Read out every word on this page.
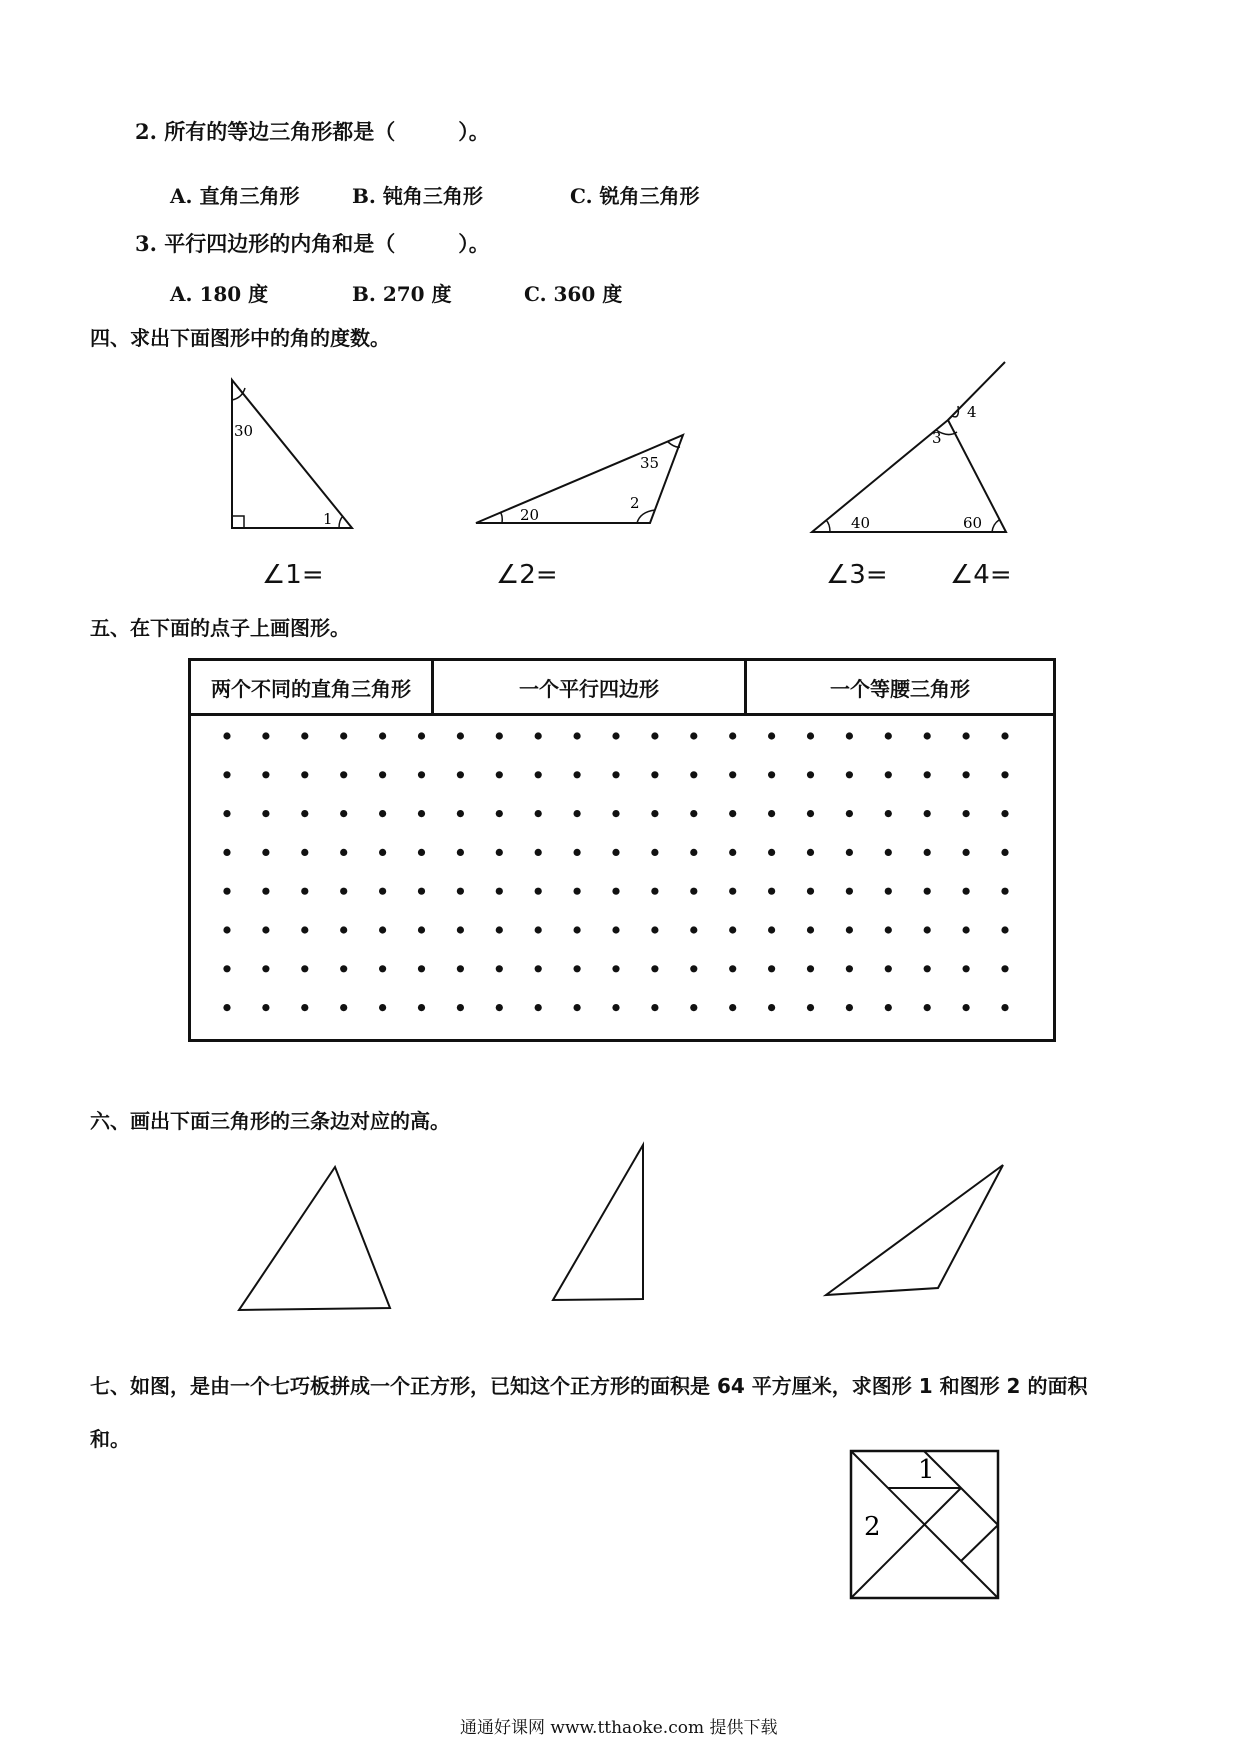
2. 所有的等边三角形都是（　　　）。
A. 直角三角形	B. 钝角三角形	C. 锐角三角形
3. 平行四边形的内角和是（　　　）。
A. 180 度	B. 270 度	C. 360 度
四、求出下面图形中的角的度数。
30
1	20
35
2
40	60
3
4
∠1=	∠2=	∠3= ∠4=
五、在下面的点子上画图形。
两个不同的直角三角形	一个平行四边形	一个等腰三角形
六、画出下面三角形的三条边对应的高。
七、如图，是由一个七巧板拼成一个正方形，已知这个正方形的面积是 64 平方厘米，求图形 1 和图形 2 的面积
和。
1
2
通通好课网 www.tthaoke.com 提供下载
